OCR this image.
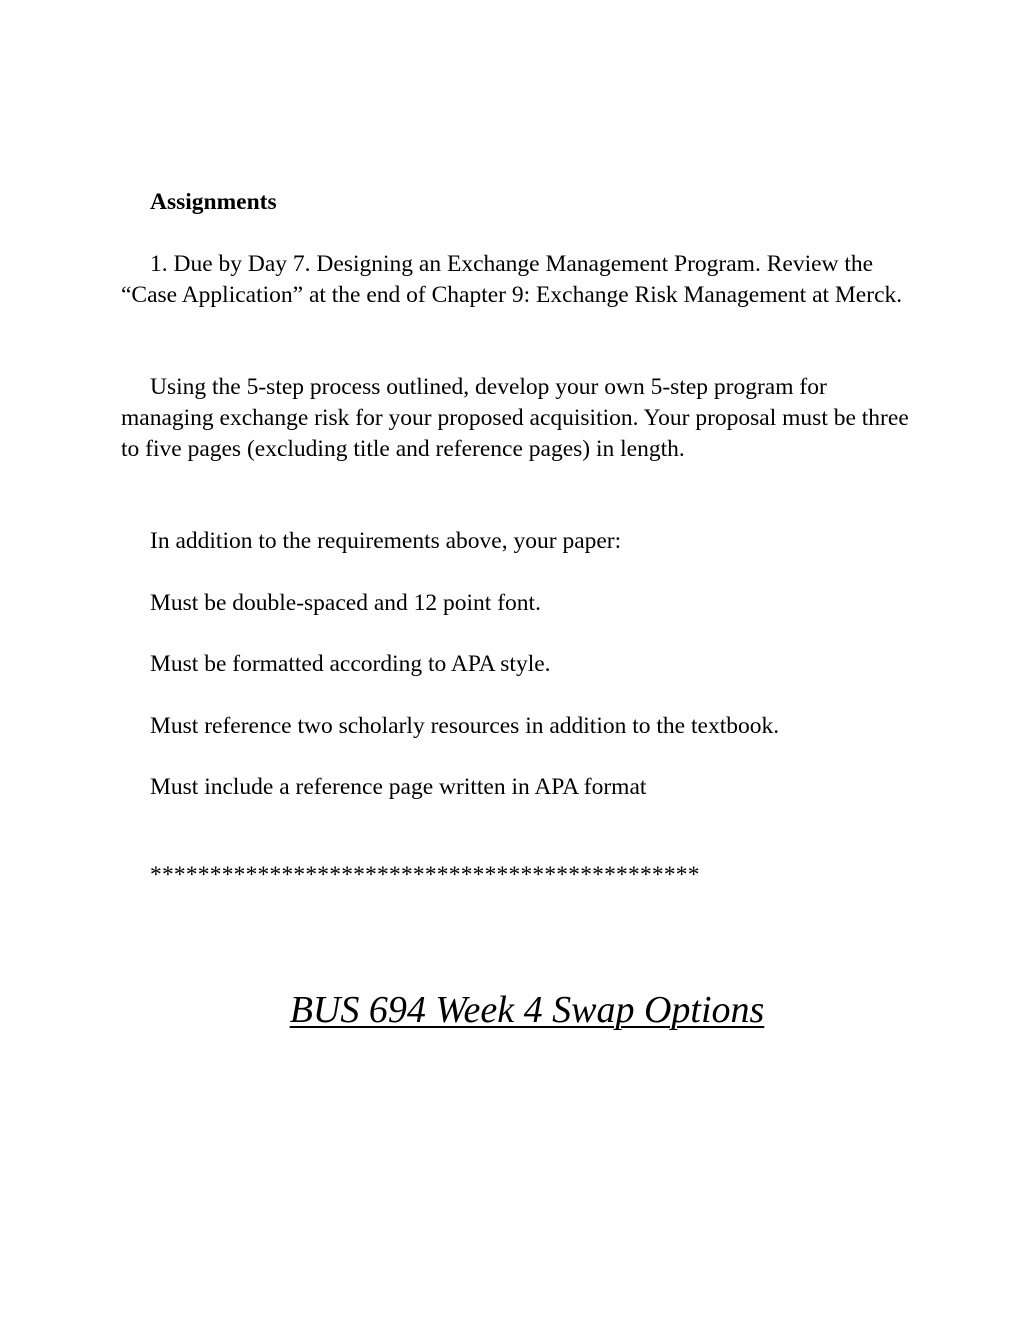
Assignments

1. Due by Day 7. Designing an Exchange Management Program. Review the “Case Application” at the end of Chapter 9: Exchange Risk Management at Merck.

Using the 5-step process outlined, develop your own 5-step program for managing exchange risk for your proposed acquisition. Your proposal must be three to five pages (excluding title and reference pages) in length.

In addition to the requirements above, your paper:

Must be double-spaced and 12 point font.

Must be formatted according to APA style.

Must reference two scholarly resources in addition to the textbook.

Must include a reference page written in APA format

**********************************************
BUS 694 Week 4 Swap Options
